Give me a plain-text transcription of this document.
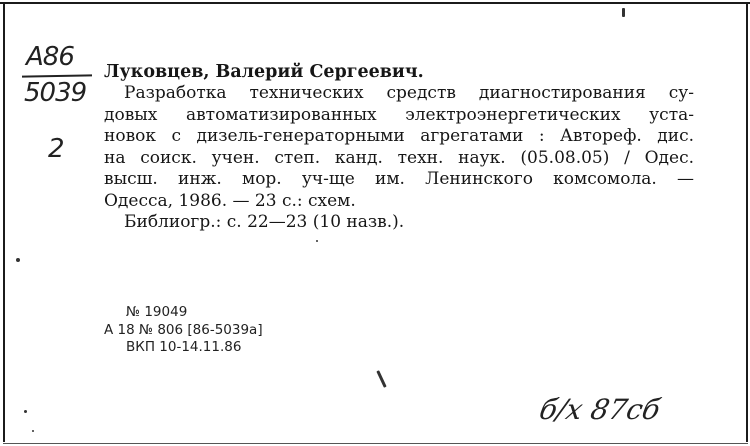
A86
5039
2
Луковцев, Валерий Сергеевич.
Разработка технических средств диагностирования су-
довых автоматизированных электроэнергетических уста-
новок с дизель-генераторными агрегатами : Автореф. дис.
на соиск. учен. степ. канд. техн. наук. (05.08.05) / Одес.
высш. инж. мор. уч-ще им. Ленинского комсомола. —
Одесса, 1986. — 23 с.: схем.
Библиогр.: с. 22—23 (10 назв.).
№ 19049
А 18 № 806 [86-5039а]
ВКП 10-14.11.86
б/х 87сб
